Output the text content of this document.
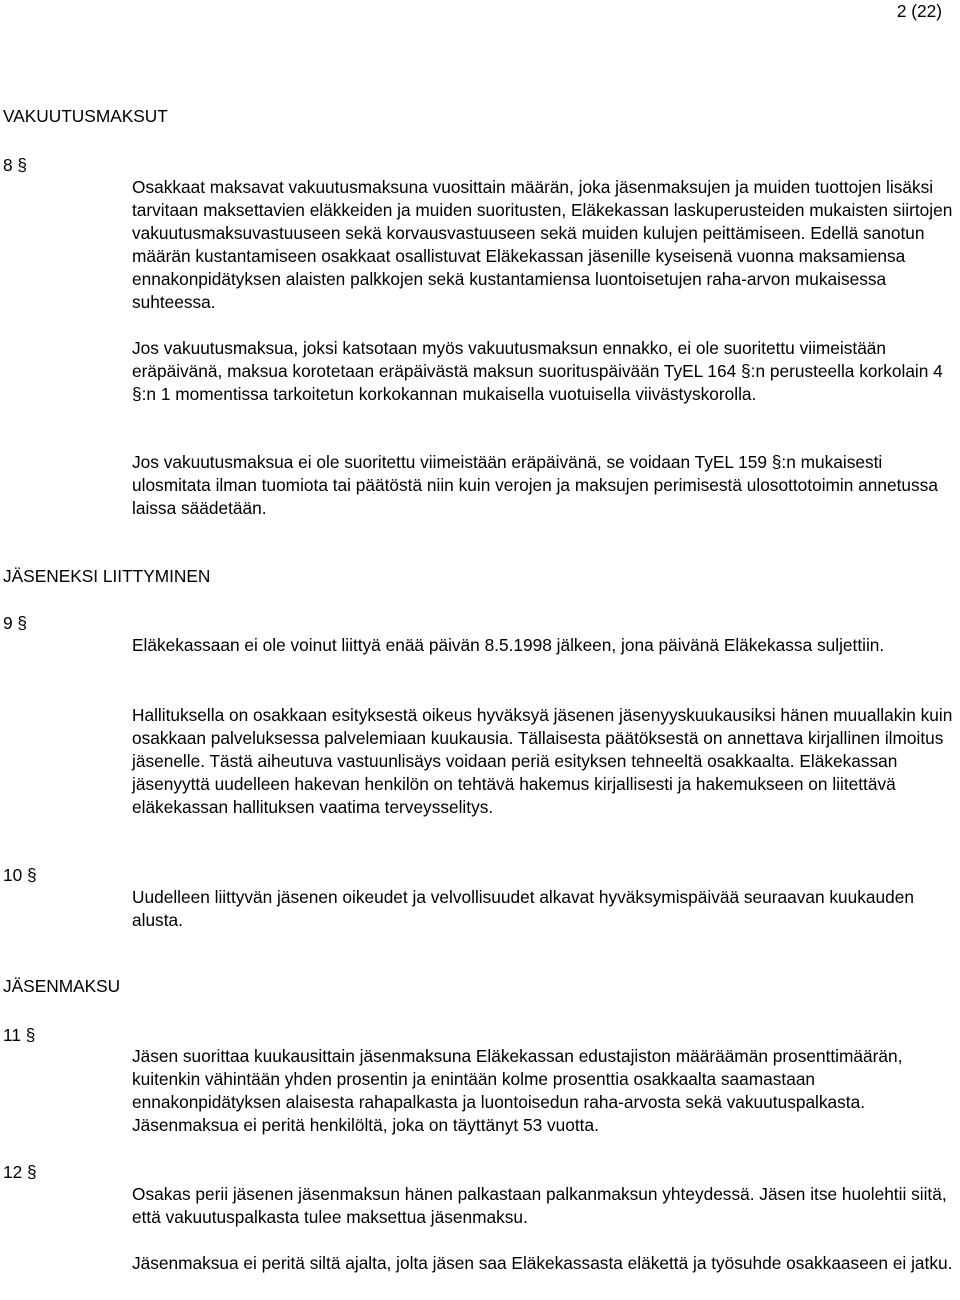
2 (22)
VAKUUTUSMAKSUT
8 §

Osakkaat maksavat vakuutusmaksuna vuosittain määrän, joka jäsenmaksujen ja muiden tuottojen lisäksi tarvitaan maksettavien eläkkeiden ja muiden suoritusten, Eläkekassan laskuperusteiden mukaisten siirtojen vakuutusmaksuvastuuseen sekä korvausvastuuseen sekä muiden kulujen peittämiseen. Edellä sanotun määrän kustantamiseen osakkaat osallistuvat Eläkekassan jäsenille kyseisenä vuonna maksamiensa ennakonpidätyksen alaisten palkkojen sekä kustantamiensa luontoisetujen raha-arvon mukaisessa suhteessa.

Jos vakuutusmaksua, joksi katsotaan myös vakuutusmaksun ennakko, ei ole suoritettu viimeistään eräpäivänä, maksua korotetaan eräpäivästä maksun suorituspäivään TyEL 164 §:n perusteella korkolain 4 §:n 1 momentissa tarkoitetun korkokannan mukaisella vuotuisella viivästyskorolla.

Jos vakuutusmaksua ei ole suoritettu viimeistään eräpäivänä, se voidaan TyEL 159 §:n mukaisesti ulosmitata ilman tuomiota tai päätöstä niin kuin verojen ja maksujen perimisestä ulosottotoimin annetussa laissa säädetään.

JÄSENEKSI LIITTYMINEN
9 §

Eläkekassaan ei ole voinut liittyä enää päivän 8.5.1998 jälkeen, jona päivänä Eläkekassa suljettiin.

Hallituksella on osakkaan esityksestä oikeus hyväksyä jäsenen jäsenyyskuukausiksi hänen muuallakin kuin osakkaan palveluksessa palvelemiaan kuukausia. Tällaisesta päätöksestä on annettava kirjallinen ilmoitus jäsenelle. Tästä aiheutuva vastuunlisäys voidaan periä esityksen tehneeltä osakkaalta. Eläkekassan jäsenyyttä uudelleen hakevan henkilön on tehtävä hakemus kirjallisesti ja hakemukseen on liitettävä eläkekassan hallituksen vaatima terveysselitys.

10 §

Uudelleen liittyvän jäsenen oikeudet ja velvollisuudet alkavat hyväksymispäivää seuraavan kuukauden alusta.

JÄSENMAKSU
11 §

Jäsen suorittaa kuukausittain jäsenmaksuna Eläkekassan edustajiston määräämän prosenttimäärän, kuitenkin vähintään yhden prosentin ja enintään kolme prosenttia osakkaalta saamastaan ennakonpidätyksen alaisesta rahapalkasta ja luontoisedun raha-arvosta sekä vakuutuspalkasta. Jäsenmaksua ei peritä henkilöltä, joka on täyttänyt 53 vuotta.

12 §

Osakas perii jäsenen jäsenmaksun hänen palkastaan palkanmaksun yhteydessä. Jäsen itse huolehtii siitä, että vakuutuspalkasta tulee maksettua jäsenmaksu.

Jäsenmaksua ei peritä siltä ajalta, jolta jäsen saa Eläkekassasta eläkettä ja työsuhde osakkaaseen ei jatku.
